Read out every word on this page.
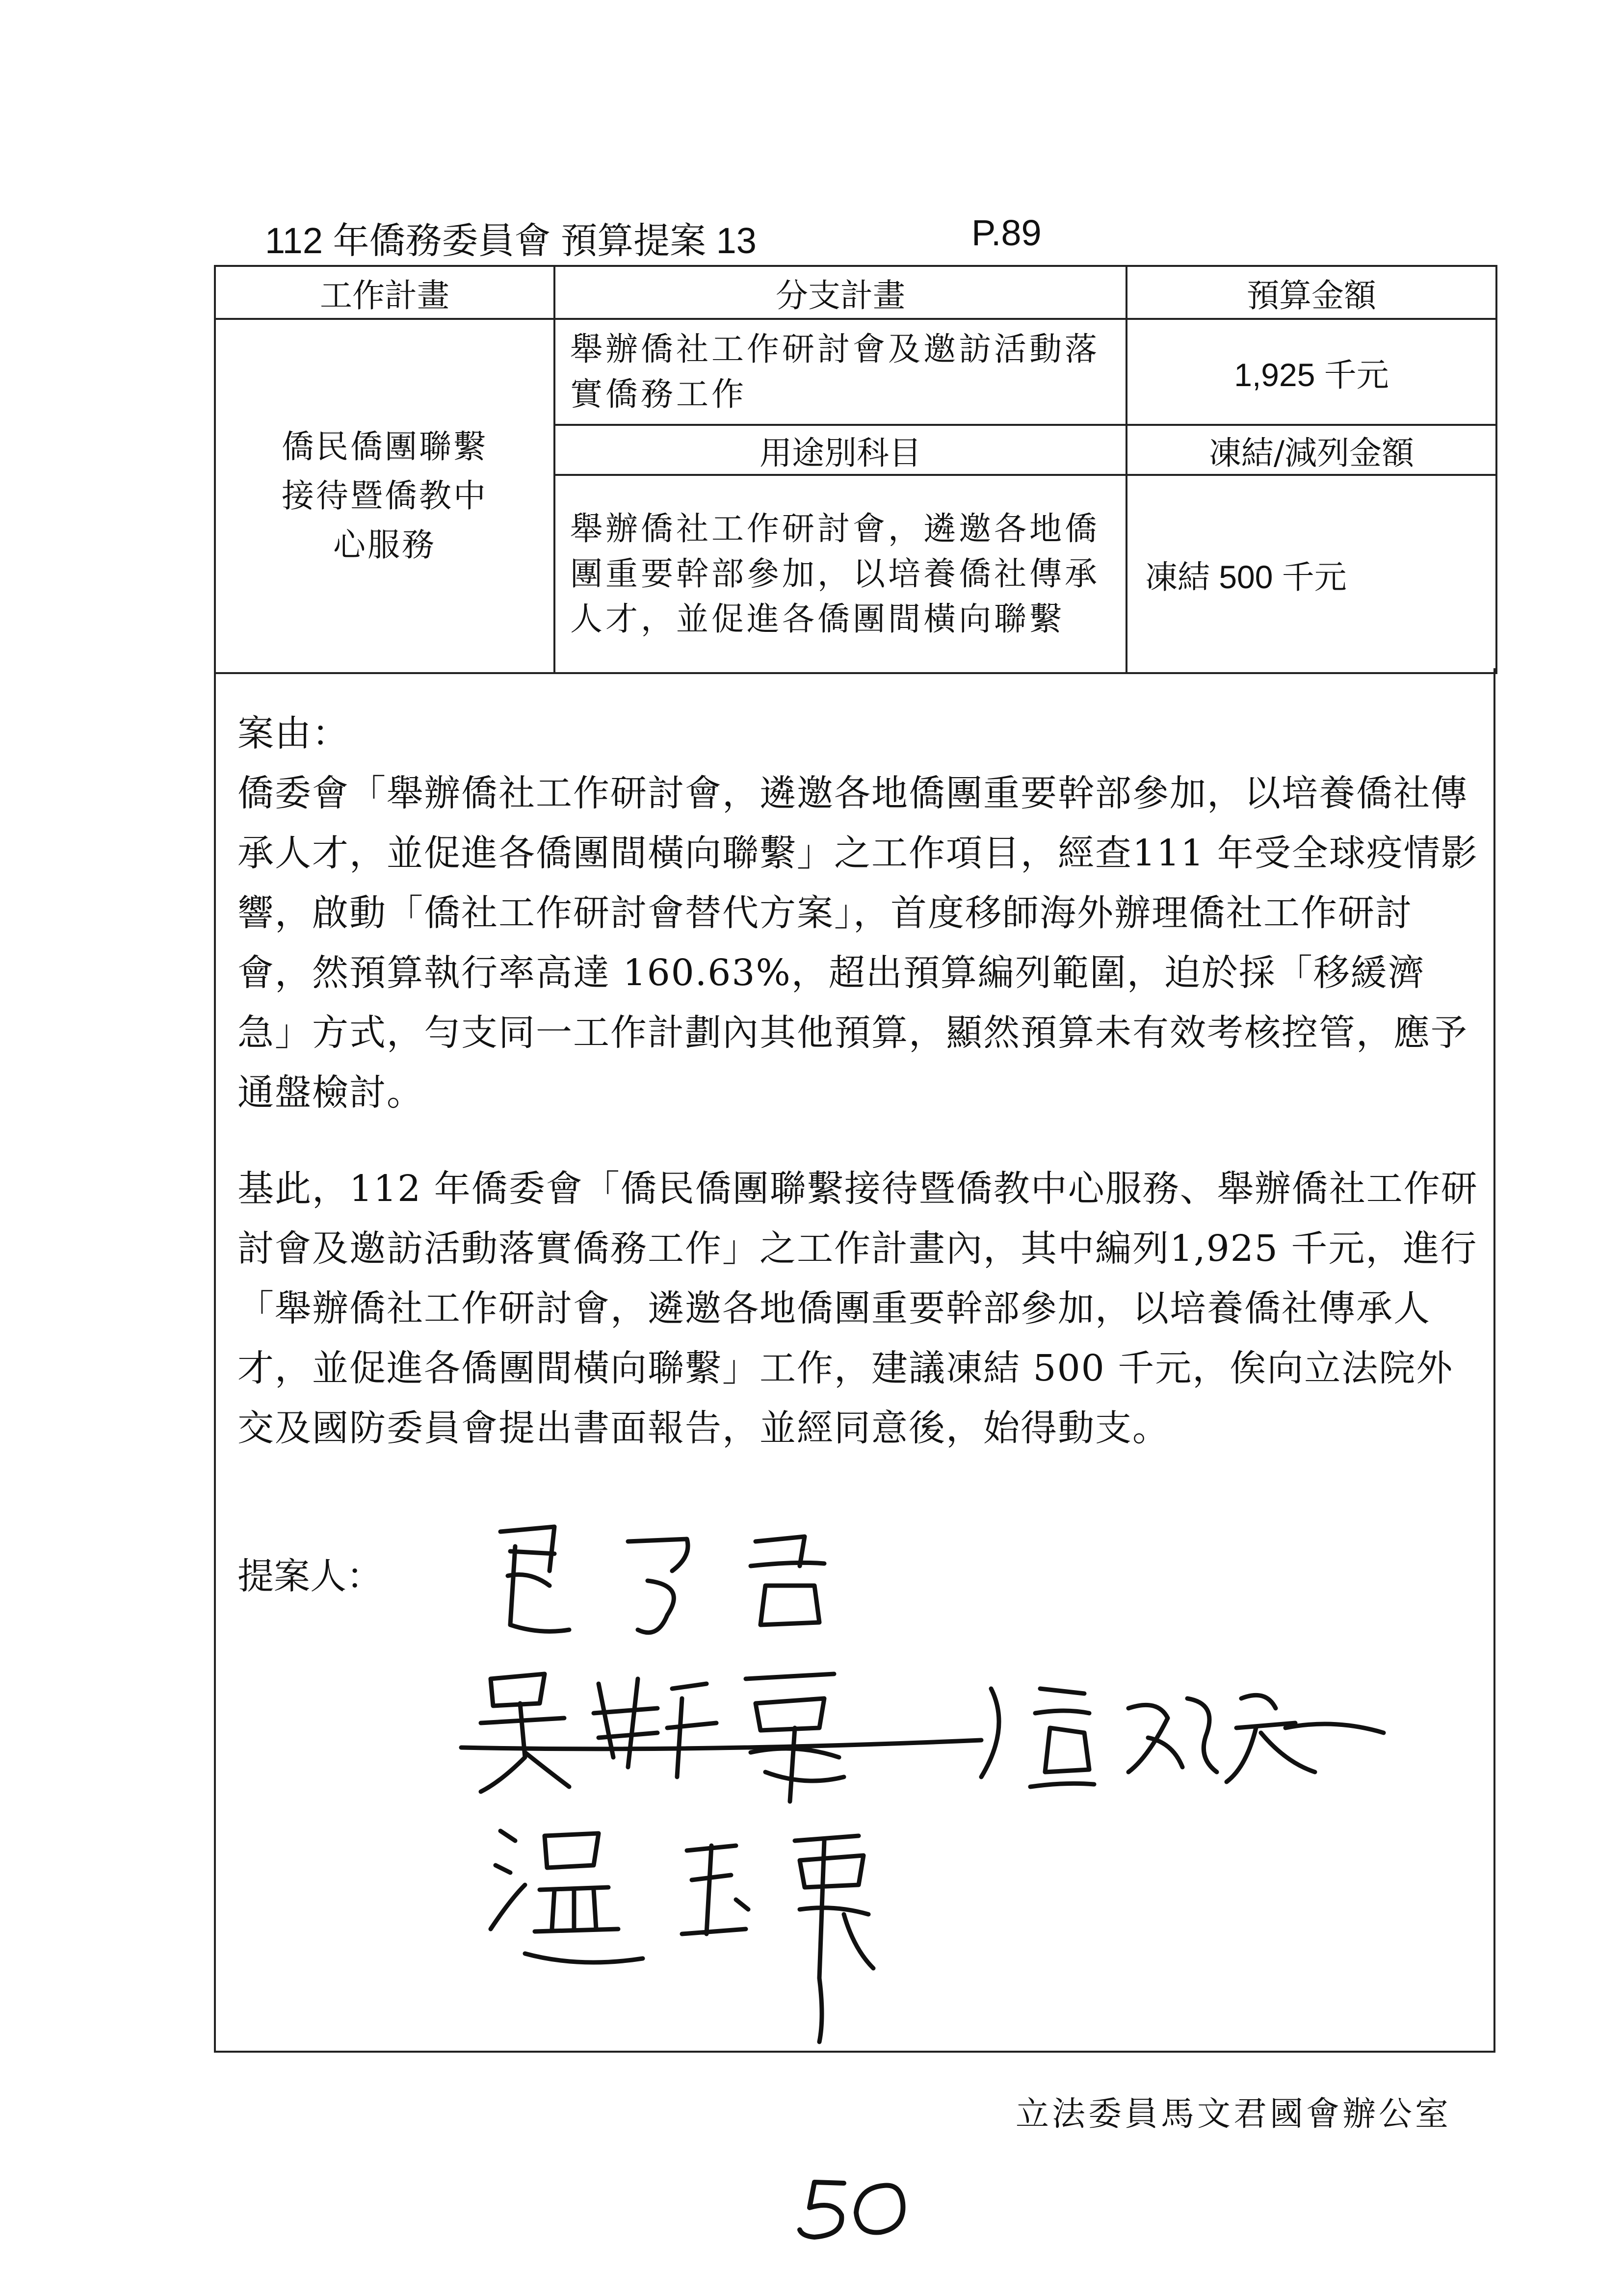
112 年僑務委員會 預算提案 13	P.89
工作計畫	分支計畫	預算金額

僑民僑團聯繫接待暨僑教中心服務	舉辦僑社工作研討會及邀訪活動落實僑務工作	1,925 千元
	用途別科目	凍結/減列金額
	舉辦僑社工作研討會，遴邀各地僑團重要幹部參加，以培養僑社傳承人才，並促進各僑團間橫向聯繫	凍結 500 千元

案由：

僑委會「舉辦僑社工作研討會，遴邀各地僑團重要幹部參加，以培養僑社傳承人才，並促進各僑團間橫向聯繫」之工作項目，經查111 年受全球疫情影響，啟動「僑社工作研討會替代方案」，首度移師海外辦理僑社工作研討會，然預算執行率高達 160.63%，超出預算編列範圍，迫於採「移緩濟急」方式，勻支同一工作計劃內其他預算，顯然預算未有效考核控管，應予通盤檢討。

基此，112 年僑委會「僑民僑團聯繫接待暨僑教中心服務、舉辦僑社工作研討會及邀訪活動落實僑務工作」之工作計畫內，其中編列1,925 千元，進行「舉辦僑社工作研討會，遴邀各地僑團重要幹部參加，以培養僑社傳承人才，並促進各僑團間橫向聯繫」工作，建議凍結 500 千元，俟向立法院外交及國防委員會提出書面報告，並經同意後，始得動支。

提案人：
立法委員馬文君國會辦公室
